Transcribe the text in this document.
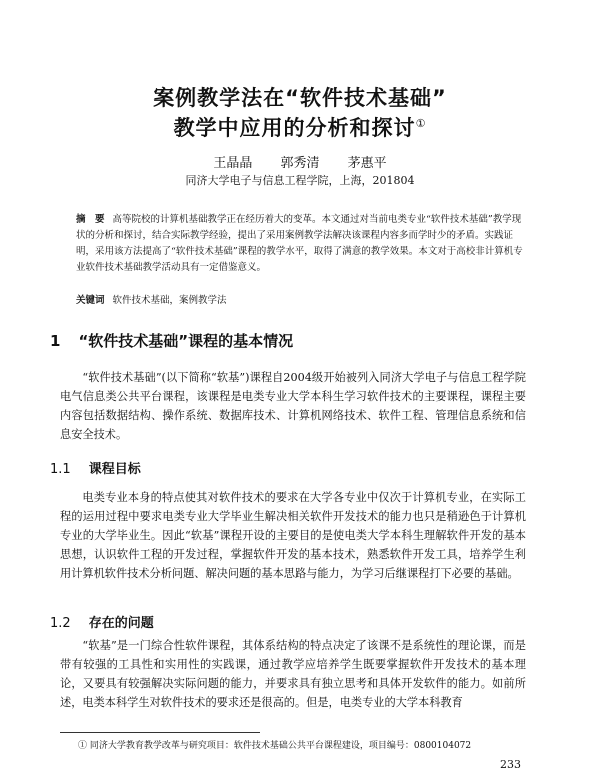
案例教学法在“软件技术基础”
教学中应用的分析和探讨①
王晶晶 郭秀清 茅惠平
同济大学电子与信息工程学院，上海，201804
摘　要 高等院校的计算机基础教学正在经历着大的变革。本文通过对当前电类专业“软件技术基础”教学现状的分析和探讨，结合实际教学经验，提出了采用案例教学法解决该课程内容多而学时少的矛盾。实践证明，采用该方法提高了“软件技术基础”课程的教学水平，取得了满意的教学效果。本文对于高校非计算机专业软件技术基础教学活动具有一定借鉴意义。
关键词 软件技术基础，案例教学法
1 “软件技术基础”课程的基本情况
“软件技术基础”(以下简称“软基”)课程自2004级开始被列入同济大学电子与信息工程学院电气信息类公共平台课程，该课程是电类专业大学本科生学习软件技术的主要课程，课程主要内容包括数据结构、操作系统、数据库技术、计算机网络技术、软件工程、管理信息系统和信息安全技术。
1.1 课程目标
电类专业本身的特点使其对软件技术的要求在大学各专业中仅次于计算机专业，在实际工程的运用过程中要求电类专业大学毕业生解决相关软件开发技术的能力也只是稍逊色于计算机专业的大学毕业生。因此“软基”课程开设的主要目的是使电类大学本科生理解软件开发的基本思想，认识软件工程的开发过程，掌握软件开发的基本技术，熟悉软件开发工具，培养学生利用计算机软件技术分析问题、解决问题的基本思路与能力，为学习后继课程打下必要的基础。
1.2 存在的问题
“软基”是一门综合性软件课程，其体系结构的特点决定了该课不是系统性的理论课，而是带有较强的工具性和实用性的实践课，通过教学应培养学生既要掌握软件开发技术的基本理论，又要具有较强解决实际问题的能力，并要求具有独立思考和具体开发软件的能力。如前所述，电类本科学生对软件技术的要求还是很高的。但是，电类专业的大学本科教育
① 同济大学教育教学改革与研究项目：软件技术基础公共平台课程建设，项目编号：0800104072
233
